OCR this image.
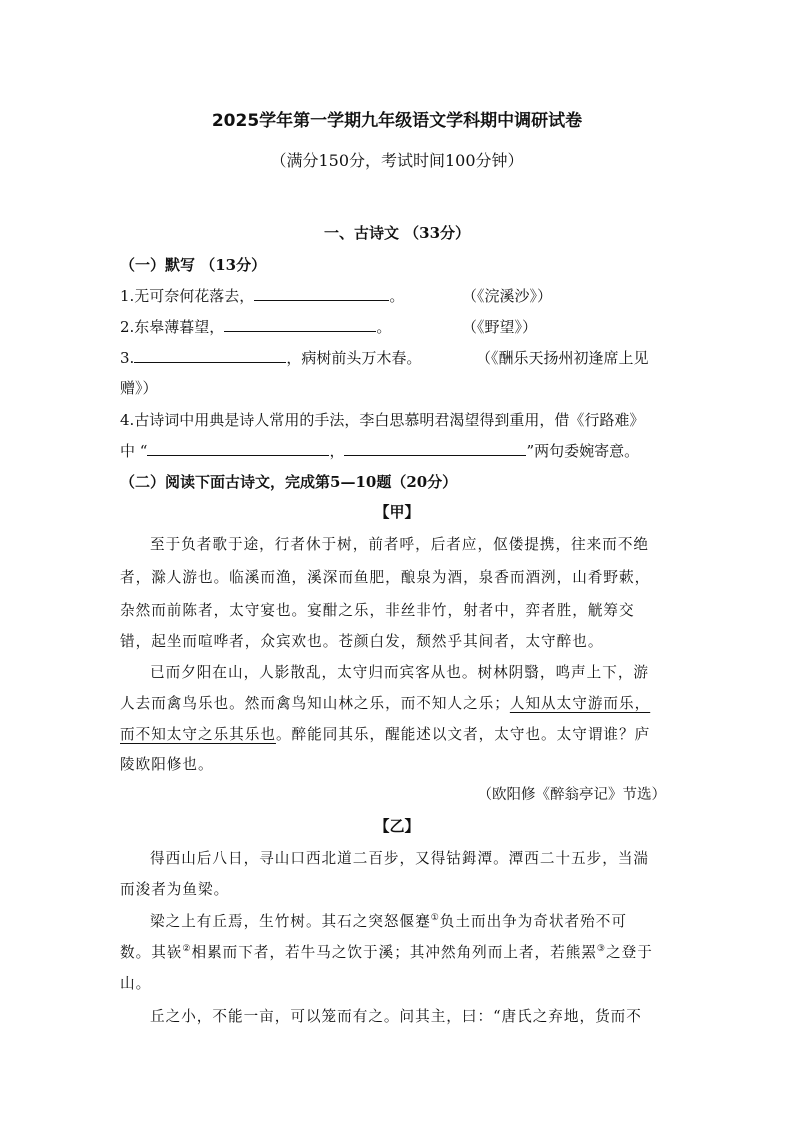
2025学年第一学期九年级语文学科期中调研试卷
（满分150分，考试时间100分钟）
一、古诗文 （33分）
（一）默写 （13分）
1.无可奈何花落去，	。	（《浣溪沙》）
2.东皋薄暮望，	。	（《野望》）
3.	，病树前头万木春。	（《酬乐天扬州初逢席上见
赠》）
4.古诗词中用典是诗人常用的手法，李白思慕明君渴望得到重用，借《行路难》
中 “	，	”两句委婉寄意。
（二）阅读下面古诗文，完成第5—10题（20分）
【甲】
至于负者歌于途，行者休于树，前者呼，后者应，伛偻提携，往来而不绝
者，滁人游也。临溪而渔，溪深而鱼肥，酿泉为酒，泉香而酒洌，山肴野蔌，
杂然而前陈者，太守宴也。宴酣之乐，非丝非竹，射者中，弈者胜，觥筹交
错，起坐而喧哗者，众宾欢也。苍颜白发，颓然乎其间者，太守醉也。
已而夕阳在山，人影散乱，太守归而宾客从也。树林阴翳，鸣声上下，游
人去而禽鸟乐也。然而禽鸟知山林之乐，而不知人之乐；人知从太守游而乐，
而不知太守之乐其乐也。醉能同其乐，醒能述以文者，太守也。太守谓谁？庐
陵欧阳修也。
（欧阳修《醉翁亭记》节选）
【乙】
得西山后八日，寻山口西北道二百步，又得钴鉧潭。潭西二十五步，当湍
而浚者为鱼梁。
梁之上有丘焉，生竹树。其石之突怒偃蹇①负土而出争为奇状者殆不可
数。其嵚②相累而下者，若牛马之饮于溪；其冲然角列而上者，若熊罴③之登于
山。
丘之小，不能一亩，可以笼而有之。问其主，曰：“唐氏之弃地，货而不
